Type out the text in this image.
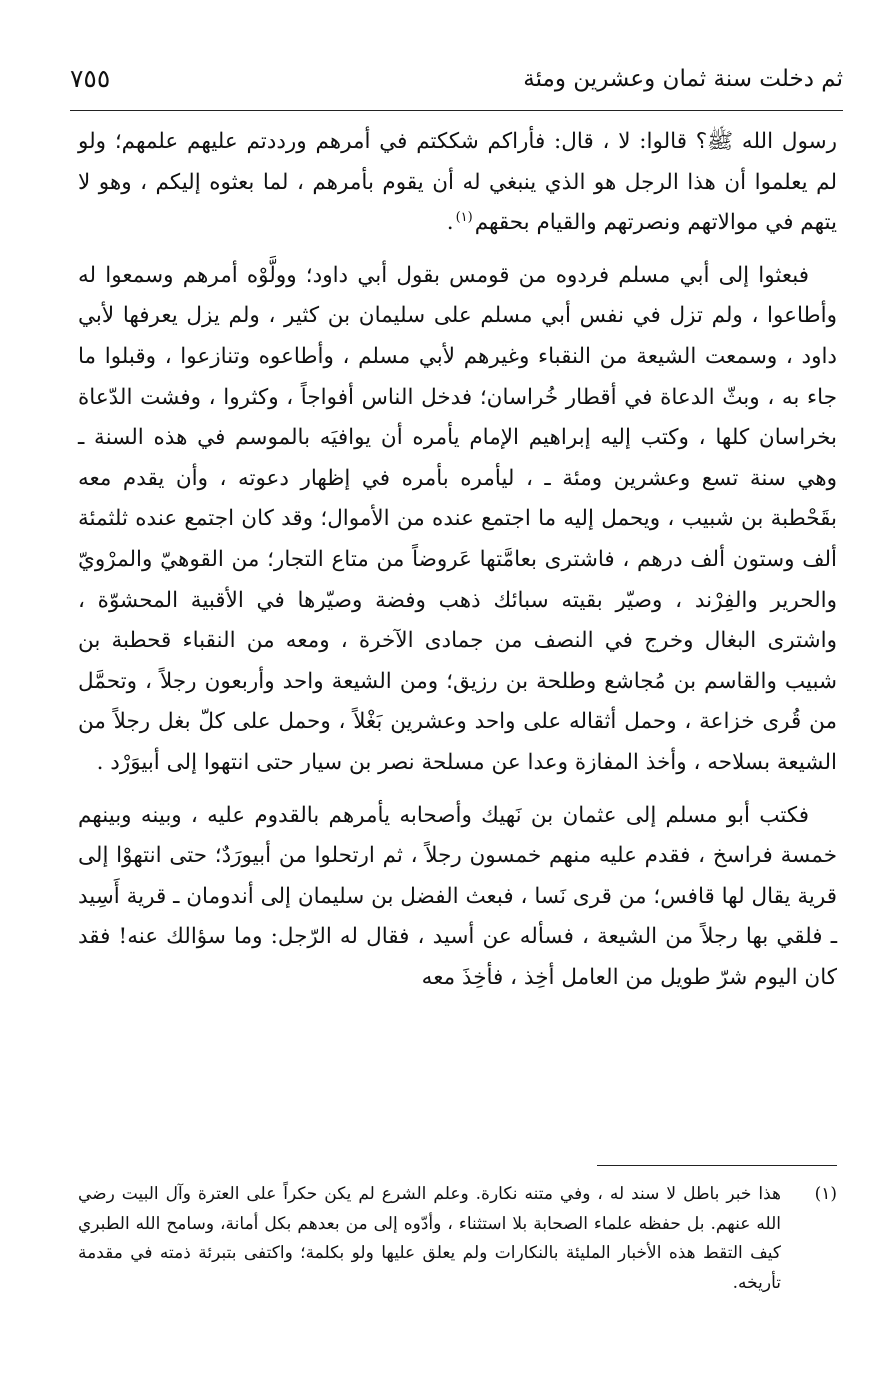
ثم دخلت سنة ثمان وعشرين ومئة
٧٥٥

رسول الله ﷺ؟ قالوا: لا ، قال: فأراكم شككتم في أمرهم ورددتم عليهم علمهم؛ ولو لم يعلموا أن هذا الرجل هو الذي ينبغي له أن يقوم بأمرهم ، لما بعثوه إليكم ، وهو لا يتهم في موالاتهم ونصرتهم والقيام بحقهم$^{(١)}$.

فبعثوا إلى أبي مسلم فردوه من قومس بقول أبي داود؛ وولَّوْه أمرهم وسمعوا له وأطاعوا ، ولم تزل في نفس أبي مسلم على سليمان بن كثير ، ولم يزل يعرفها لأبي داود ، وسمعت الشيعة من النقباء وغيرهم لأبي مسلم ، وأطاعوه وتنازعوا ، وقبلوا ما جاء به ، وبثّ الدعاة في أقطار خُراسان؛ فدخل الناس أفواجاً ، وكثروا ، وفشت الدّعاة بخراسان كلها ، وكتب إليه إبراهيم الإمام يأمره أن يوافيَه بالموسم في هذه السنة ـ وهي سنة تسع وعشرين ومئة ـ ، ليأمره بأمره في إظهار دعوته ، وأن يقدم معه بقَحْطبة بن شبيب ، ويحمل إليه ما اجتمع عنده من الأموال؛ وقد كان اجتمع عنده ثلثمئة ألف وستون ألف درهم ، فاشترى بعامَّتها عَروضاً من متاع التجار؛ من القوهيّ والمرْويّ والحرير والفِرْند ، وصيّر بقيته سبائك ذهب وفضة وصيّرها في الأقبية المحشوّة ، واشترى البغال وخرج في النصف من جمادى الآخرة ، ومعه من النقباء قحطبة بن شبيب والقاسم بن مُجاشع وطلحة بن رزيق؛ ومن الشيعة واحد وأربعون رجلاً ، وتحمَّل من قُرى خزاعة ، وحمل أثقاله على واحد وعشرين بَغْلاً ، وحمل على كلّ بغل رجلاً من الشيعة بسلاحه ، وأخذ المفازة وعدا عن مسلحة نصر بن سيار حتى انتهوا إلى أبيوَرْد .

فكتب أبو مسلم إلى عثمان بن نَهيك وأصحابه يأمرهم بالقدوم عليه ، وبينه وبينهم خمسة فراسخ ، فقدم عليه منهم خمسون رجلاً ، ثم ارتحلوا من أبيورَدٌ؛ حتى انتهوْا إلى قرية يقال لها قافس؛ من قرى نَسا ، فبعث الفضل بن سليمان إلى أندومان ـ قرية أَسِيد ـ فلقي بها رجلاً من الشيعة ، فسأله عن أسيد ، فقال له الرّجل: وما سؤالك عنه! فقد كان اليوم شرّ طويل من العامل أخِذ ، فأخِذَ معه

(١)
هذا خبر باطل لا سند له ، وفي متنه نكارة. وعلم الشرع لم يكن حكراً على العترة وآل البيت رضي الله عنهم. بل حفظه علماء الصحابة بلا استثناء ، وأدّوه إلى من بعدهم بكل أمانة، وسامح الله الطبري كيف التقط هذه الأخبار المليئة بالنكارات ولم يعلق عليها ولو بكلمة؛ واكتفى بتبرئة ذمته في مقدمة تأريخه.
